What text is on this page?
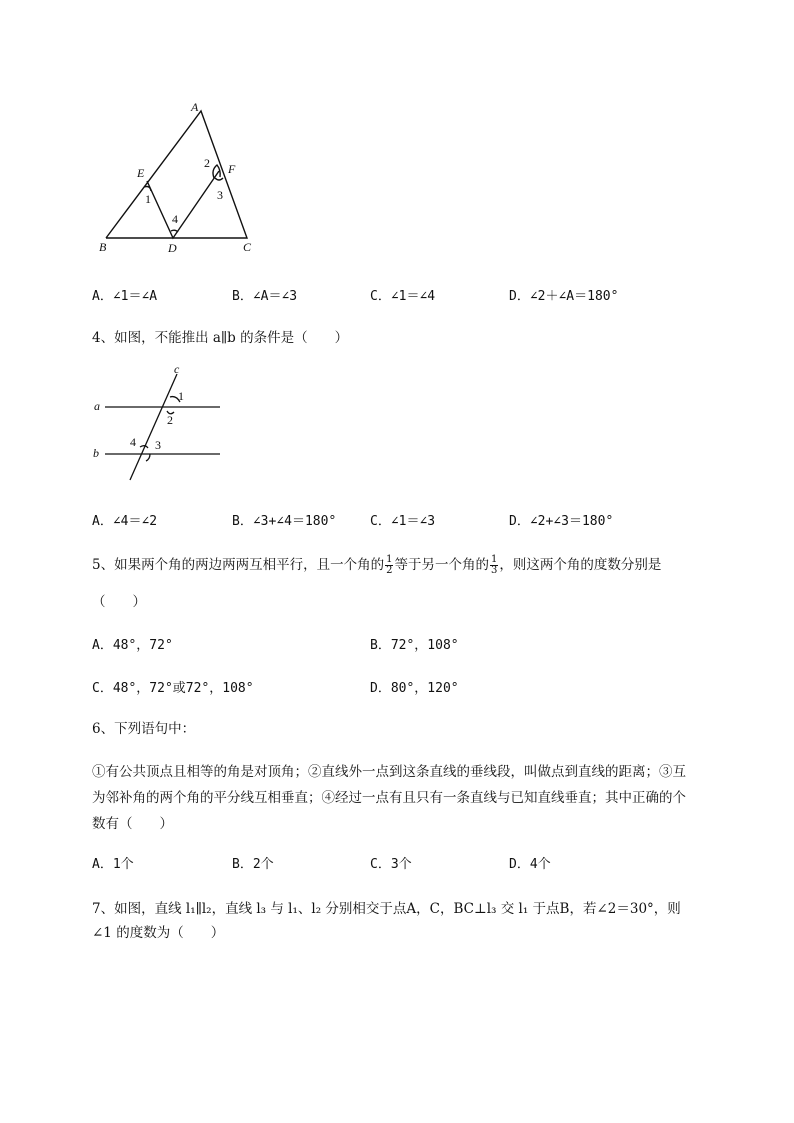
A
E	F
B	D	C
1
2
3
4
A．∠1＝∠A	B．∠A＝∠3	C．∠1＝∠4	D．∠2＋∠A＝180°
4、如图，不能推出 a∥b 的条件是（　　）
c
a
b
1
2
4 3
A．∠4＝∠2	B．∠3+∠4＝180°	C．∠1＝∠3	D．∠2+∠3＝180°
5、如果两个角的两边两两互相平行，且一个角的 $\frac{1}{2}$ 等于另一个角的 $\frac{1}{3}$ ，则这两个角的度数分别是
（　　）
A．48°，72°	B．72°，108°
C．48°，72°或72°，108°	D．80°，120°
6、下列语句中：
①有公共顶点且相等的角是对顶角；②直线外一点到这条直线的垂线段，叫做点到直线的距离；③互
为邻补角的两个角的平分线互相垂直；④经过一点有且只有一条直线与已知直线垂直；其中正确的个
数有（　　）
A．1个	B．2个	C．3个	D．4个
7、如图，直线 l₁∥l₂，直线 l₃ 与 l₁、l₂ 分别相交于点A，C，BC⊥l₃ 交 l₁ 于点B，若∠2＝30°，则
∠1 的度数为（　　）
